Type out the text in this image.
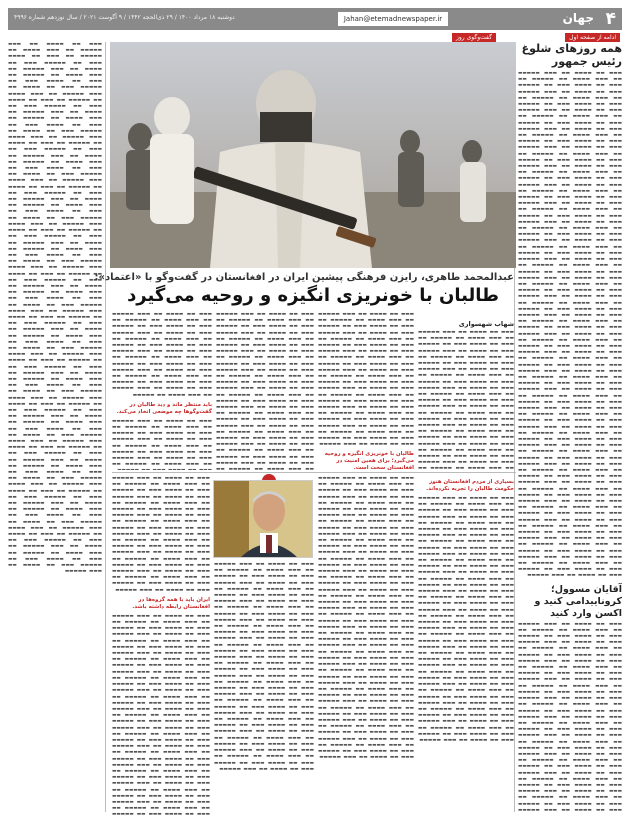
۴
جهان
Jahan@etemadnewspaper.ir
دوشنبه ۱۸ مرداد ۱۴۰۰ / ۲۹ ذی‌الحجه ۱۴۴۲ / ۹ آگوست ۲۰۲۱ / سال نوزدهم شماره ۴۹۹۶
ادامه از صفحه اول
گفت‌وگوی روز
همه روزهای شلوغ رئیس جمهور
▬▬▬ ▬▬ ▬▬▬▬ ▬▬ ▬▬▬ ▬▬▬▬▬ ▬▬ ▬▬▬ ▬▬▬▬ ▬▬ ▬▬▬▬▬ ▬▬ ▬▬▬ ▬▬ ▬▬▬▬ ▬▬▬ ▬▬ ▬▬▬▬▬ ▬▬▬ ▬▬ ▬▬▬▬ ▬▬ ▬▬▬ ▬▬▬▬▬ ▬▬ ▬▬▬ ▬▬▬▬ ▬▬ ▬▬▬▬▬ ▬▬ ▬▬▬ ▬▬ ▬▬▬▬ ▬▬▬ ▬▬ ▬▬▬▬▬ ▬▬▬ ▬▬ ▬▬▬▬ ▬▬ ▬▬▬ ▬▬▬▬▬ ▬▬ ▬▬▬ ▬▬▬▬ ▬▬ ▬▬▬▬▬ ▬▬ ▬▬▬ ▬▬ ▬▬▬▬ ▬▬▬ ▬▬ ▬▬▬▬▬ ▬▬▬ ▬▬ ▬▬▬▬ ▬▬ ▬▬▬ ▬▬▬▬▬ ▬▬ ▬▬▬ ▬▬▬▬ ▬▬ ▬▬▬▬▬ ▬▬ ▬▬▬ ▬▬ ▬▬▬▬ ▬▬▬ ▬▬ ▬▬▬▬▬ ▬▬▬ ▬▬ ▬▬▬▬ ▬▬ ▬▬▬ ▬▬▬▬▬ ▬▬ ▬▬▬ ▬▬▬▬ ▬▬ ▬▬▬▬▬ ▬▬ ▬▬▬ ▬▬ ▬▬▬▬ ▬▬▬ ▬▬ ▬▬▬▬▬ ▬▬▬ ▬▬ ▬▬▬▬ ▬▬ ▬▬▬ ▬▬▬▬▬ ▬▬ ▬▬▬ ▬▬▬▬ ▬▬ ▬▬▬▬▬ ▬▬ ▬▬▬ ▬▬ ▬▬▬▬ ▬▬▬ ▬▬ ▬▬▬▬▬ ▬▬▬ ▬▬ ▬▬▬▬ ▬▬ ▬▬▬ ▬▬▬▬▬ ▬▬ ▬▬▬ ▬▬▬▬ ▬▬ ▬▬▬▬▬ ▬▬ ▬▬▬ ▬▬ ▬▬▬▬ ▬▬▬ ▬▬ ▬▬▬▬▬ ▬▬▬ ▬▬ ▬▬▬▬ ▬▬ ▬▬▬ ▬▬▬▬▬ ▬▬ ▬▬▬ ▬▬▬▬ ▬▬ ▬▬▬▬▬ ▬▬ ▬▬▬ ▬▬ ▬▬▬▬ ▬▬▬ ▬▬ ▬▬▬▬▬ ▬▬▬ ▬▬ ▬▬▬▬ ▬▬ ▬▬▬ ▬▬▬▬▬ ▬▬ ▬▬▬ ▬▬▬▬ ▬▬ ▬▬▬▬▬ ▬▬ ▬▬▬ ▬▬ ▬▬▬▬ ▬▬▬ ▬▬ ▬▬▬▬▬ ▬▬▬ ▬▬ ▬▬▬▬ ▬▬ ▬▬▬ ▬▬▬▬▬ ▬▬ ▬▬▬ ▬▬▬▬ ▬▬ ▬▬▬▬▬ ▬▬ ▬▬▬ ▬▬ ▬▬▬▬ ▬▬▬ ▬▬ ▬▬▬▬▬ ▬▬▬ ▬▬ ▬▬▬▬ ▬▬ ▬▬▬ ▬▬▬▬▬ ▬▬ ▬▬▬ ▬▬▬▬ ▬▬ ▬▬▬▬▬ ▬▬ ▬▬▬ ▬▬ ▬▬▬▬ ▬▬▬ ▬▬ ▬▬▬▬▬ ▬▬▬ ▬▬ ▬▬▬▬ ▬▬ ▬▬▬ ▬▬▬▬▬ ▬▬ ▬▬▬ ▬▬▬▬ ▬▬ ▬▬▬▬▬ ▬▬ ▬▬▬ ▬▬ ▬▬▬▬ ▬▬▬ ▬▬ ▬▬▬▬▬ ▬▬▬ ▬▬ ▬▬▬▬ ▬▬ ▬▬▬ ▬▬▬▬▬ ▬▬ ▬▬▬ ▬▬▬▬ ▬▬ ▬▬▬▬▬ ▬▬ ▬▬▬ ▬▬ ▬▬▬▬ ▬▬▬ ▬▬ ▬▬▬▬▬ ▬▬▬ ▬▬ ▬▬▬▬ ▬▬ ▬▬▬ ▬▬▬▬▬ ▬▬ ▬▬▬ ▬▬▬▬ ▬▬ ▬▬▬▬▬ ▬▬ ▬▬▬ ▬▬ ▬▬▬▬ ▬▬▬ ▬▬ ▬▬▬▬▬ ▬▬▬ ▬▬ ▬▬▬▬ ▬▬ ▬▬▬ ▬▬▬▬▬ ▬▬ ▬▬▬ ▬▬▬▬ ▬▬ ▬▬▬▬▬ ▬▬ ▬▬▬ ▬▬ ▬▬▬▬ ▬▬▬ ▬▬ ▬▬▬▬▬ ▬▬▬ ▬▬ ▬▬▬▬ ▬▬ ▬▬▬ ▬▬▬▬▬ ▬▬ ▬▬▬ ▬▬▬▬ ▬▬ ▬▬▬▬▬ ▬▬ ▬▬▬ ▬▬ ▬▬▬▬ ▬▬▬ ▬▬ ▬▬▬▬▬ ▬▬▬ ▬▬ ▬▬▬▬ ▬▬ ▬▬▬ ▬▬▬▬▬ ▬▬ ▬▬▬ ▬▬▬▬ ▬▬ ▬▬▬▬▬ ▬▬ ▬▬▬ ▬▬ ▬▬▬▬ ▬▬▬ ▬▬ ▬▬▬▬▬ ▬▬▬ ▬▬ ▬▬▬▬ ▬▬ ▬▬▬ ▬▬▬▬▬ ▬▬ ▬▬▬ ▬▬▬▬ ▬▬ ▬▬▬▬▬ ▬▬ ▬▬▬ ▬▬ ▬▬▬▬ ▬▬▬ ▬▬ ▬▬▬▬▬ ▬▬▬ ▬▬ ▬▬▬▬ ▬▬ ▬▬▬ ▬▬▬▬▬ ▬▬ ▬▬▬ ▬▬▬▬ ▬▬ ▬▬▬▬▬ ▬▬ ▬▬▬ ▬▬ ▬▬▬▬ ▬▬▬ ▬▬ ▬▬▬▬▬ ▬▬▬ ▬▬ ▬▬▬▬ ▬▬ ▬▬▬ ▬▬▬▬▬ ▬▬ ▬▬▬ ▬▬▬▬ ▬▬ ▬▬▬▬▬ ▬▬ ▬▬▬ ▬▬ ▬▬▬▬ ▬▬▬ ▬▬ ▬▬▬▬▬ ▬▬▬ ▬▬ ▬▬▬▬ ▬▬ ▬▬▬ ▬▬▬▬▬ ▬▬ ▬▬▬ ▬▬▬▬ ▬▬ ▬▬▬▬▬ ▬▬ ▬▬▬ ▬▬ ▬▬▬▬ ▬▬▬ ▬▬ ▬▬▬▬▬ ▬▬▬ ▬▬ ▬▬▬▬ ▬▬ ▬▬▬ ▬▬▬▬▬ ▬▬ ▬▬▬ ▬▬▬▬ ▬▬ ▬▬▬▬▬ ▬▬ ▬▬▬ ▬▬ ▬▬▬▬ ▬▬▬ ▬▬ ▬▬▬▬▬ ▬▬▬ ▬▬ ▬▬▬▬ ▬▬ ▬▬▬ ▬▬▬▬▬ ▬▬ ▬▬▬ ▬▬▬▬ ▬▬ ▬▬▬▬▬ ▬▬ ▬▬▬ ▬▬ ▬▬▬▬ ▬▬▬ ▬▬ ▬▬▬▬▬ ▬▬▬ ▬▬ ▬▬▬▬ ▬▬ ▬▬▬ ▬▬▬▬▬ ▬▬ ▬▬▬ ▬▬▬▬ ▬▬ ▬▬▬▬▬ ▬▬ ▬▬▬ ▬▬ ▬▬▬▬ ▬▬▬ ▬▬ ▬▬▬▬▬ ▬▬▬ ▬▬ ▬▬▬▬ ▬▬ ▬▬▬ ▬▬▬▬▬ ▬▬ ▬▬▬ ▬▬▬▬ ▬▬ ▬▬▬▬▬ ▬▬ ▬▬▬ ▬▬ ▬▬▬▬ ▬▬▬ ▬▬ ▬▬▬▬▬ ▬▬▬ ▬▬ ▬▬▬▬ ▬▬ ▬▬▬ ▬▬▬▬▬ ▬▬ ▬▬▬ ▬▬▬▬ ▬▬ ▬▬▬▬▬ ▬▬ ▬▬▬ ▬▬ ▬▬▬▬ ▬▬▬ ▬▬ ▬▬▬▬▬ ▬▬▬ ▬▬ ▬▬▬▬ ▬▬ ▬▬▬ ▬▬▬▬▬ ▬▬ ▬▬▬ ▬▬▬▬ ▬▬ ▬▬▬▬▬ ▬▬ ▬▬▬ ▬▬ ▬▬▬▬ ▬▬▬ ▬▬ ▬▬▬▬▬ ▬▬▬ ▬▬ ▬▬▬▬ ▬▬ ▬▬▬ ▬▬▬▬▬
آقایان مسوول؛ کروناییدامی کنید و اکسن وارد کنید
▬▬▬ ▬▬ ▬▬▬▬ ▬▬ ▬▬▬ ▬▬▬▬▬ ▬▬ ▬▬▬ ▬▬▬▬ ▬▬ ▬▬▬▬▬ ▬▬ ▬▬▬ ▬▬ ▬▬▬▬ ▬▬▬ ▬▬ ▬▬▬▬▬ ▬▬▬ ▬▬ ▬▬▬▬ ▬▬ ▬▬▬ ▬▬▬▬▬ ▬▬ ▬▬▬ ▬▬▬▬ ▬▬ ▬▬▬▬▬ ▬▬ ▬▬▬ ▬▬ ▬▬▬▬ ▬▬▬ ▬▬ ▬▬▬▬▬ ▬▬▬ ▬▬ ▬▬▬▬ ▬▬ ▬▬▬ ▬▬▬▬▬ ▬▬ ▬▬▬ ▬▬▬▬ ▬▬ ▬▬▬▬▬ ▬▬ ▬▬▬ ▬▬ ▬▬▬▬ ▬▬▬ ▬▬ ▬▬▬▬▬ ▬▬▬ ▬▬ ▬▬▬▬ ▬▬ ▬▬▬ ▬▬▬▬▬ ▬▬ ▬▬▬ ▬▬▬▬ ▬▬ ▬▬▬▬▬ ▬▬ ▬▬▬ ▬▬ ▬▬▬▬ ▬▬▬ ▬▬ ▬▬▬▬▬ ▬▬▬ ▬▬ ▬▬▬▬ ▬▬ ▬▬▬ ▬▬▬▬▬ ▬▬ ▬▬▬ ▬▬▬▬ ▬▬ ▬▬▬▬▬ ▬▬ ▬▬▬ ▬▬ ▬▬▬▬ ▬▬▬ ▬▬ ▬▬▬▬▬ ▬▬▬ ▬▬ ▬▬▬▬ ▬▬ ▬▬▬ ▬▬▬▬▬ ▬▬ ▬▬▬ ▬▬▬▬ ▬▬ ▬▬▬▬▬ ▬▬ ▬▬▬ ▬▬ ▬▬▬▬ ▬▬▬ ▬▬ ▬▬▬▬▬ ▬▬▬ ▬▬ ▬▬▬▬ ▬▬ ▬▬▬ ▬▬▬▬▬ ▬▬ ▬▬▬ ▬▬▬▬ ▬▬ ▬▬▬▬▬ ▬▬ ▬▬▬ ▬▬ ▬▬▬▬ ▬▬▬ ▬▬ ▬▬▬▬▬ ▬▬▬ ▬▬ ▬▬▬▬ ▬▬ ▬▬▬ ▬▬▬▬▬ ▬▬ ▬▬▬ ▬▬▬▬ ▬▬ ▬▬▬▬▬ ▬▬ ▬▬▬ ▬▬ ▬▬▬▬ ▬▬▬ ▬▬ ▬▬▬▬▬ ▬▬▬ ▬▬ ▬▬▬▬ ▬▬ ▬▬▬ ▬▬▬▬▬ ▬▬ ▬▬▬ ▬▬▬▬ ▬▬ ▬▬▬▬▬ ▬▬ ▬▬▬ ▬▬ ▬▬▬▬ ▬▬▬ ▬▬ ▬▬▬▬▬ ▬▬▬ ▬▬ ▬▬▬▬ ▬▬ ▬▬▬ ▬▬▬▬▬ ▬▬ ▬▬▬ ▬▬▬▬ ▬▬ ▬▬▬▬▬ ▬▬ ▬▬▬ ▬▬ ▬▬▬▬ ▬▬▬ ▬▬ ▬▬▬▬▬ ▬▬▬ ▬▬ ▬▬▬▬ ▬▬ ▬▬▬ ▬▬▬▬▬
▬▬▬ ▬▬ ▬▬▬▬ ▬▬ ▬▬▬ ▬▬▬▬▬ ▬▬ ▬▬▬ ▬▬▬▬ ▬▬ ▬▬▬▬▬ ▬▬ ▬▬▬ ▬▬ ▬▬▬▬ ▬▬▬ ▬▬ ▬▬▬▬▬ ▬▬▬ ▬▬ ▬▬▬▬ ▬▬ ▬▬▬ ▬▬▬▬▬ ▬▬ ▬▬▬ ▬▬▬▬ ▬▬ ▬▬▬▬▬ ▬▬ ▬▬▬ ▬▬ ▬▬▬▬ ▬▬▬ ▬▬ ▬▬▬▬▬ ▬▬▬ ▬▬ ▬▬▬▬ ▬▬ ▬▬▬ ▬▬▬▬▬ ▬▬ ▬▬▬ ▬▬▬▬ ▬▬ ▬▬▬▬▬ ▬▬ ▬▬▬ ▬▬ ▬▬▬▬ ▬▬▬ ▬▬ ▬▬▬▬▬ ▬▬▬ ▬▬ ▬▬▬▬ ▬▬ ▬▬▬ ▬▬▬▬▬ ▬▬ ▬▬▬ ▬▬▬▬ ▬▬ ▬▬▬▬▬ ▬▬ ▬▬▬ ▬▬ ▬▬▬▬ ▬▬▬ ▬▬ ▬▬▬▬▬ ▬▬▬ ▬▬ ▬▬▬▬ ▬▬ ▬▬▬ ▬▬▬▬▬ ▬▬ ▬▬▬ ▬▬▬▬ ▬▬ ▬▬▬▬▬ ▬▬ ▬▬▬ ▬▬ ▬▬▬▬ ▬▬▬ ▬▬ ▬▬▬▬▬ ▬▬▬ ▬▬ ▬▬▬▬ ▬▬ ▬▬▬ ▬▬▬▬▬ ▬▬ ▬▬▬ ▬▬▬▬ ▬▬ ▬▬▬▬▬ ▬▬ ▬▬▬ ▬▬ ▬▬▬▬ ▬▬▬ ▬▬ ▬▬▬▬▬ ▬▬▬ ▬▬ ▬▬▬▬ ▬▬ ▬▬▬ ▬▬▬▬▬ ▬▬ ▬▬▬ ▬▬▬▬ ▬▬ ▬▬▬▬▬ ▬▬ ▬▬▬ ▬▬ ▬▬▬▬ ▬▬▬ ▬▬ ▬▬▬▬▬ ▬▬▬ ▬▬ ▬▬▬▬ ▬▬ ▬▬▬ ▬▬▬▬▬ ▬▬ ▬▬▬ ▬▬▬▬ ▬▬ ▬▬▬▬▬ ▬▬ ▬▬▬ ▬▬ ▬▬▬▬ ▬▬▬ ▬▬ ▬▬▬▬▬ ▬▬▬ ▬▬ ▬▬▬▬ ▬▬ ▬▬▬ ▬▬▬▬▬ ▬▬ ▬▬▬ ▬▬▬▬ ▬▬ ▬▬▬▬▬ ▬▬ ▬▬▬ ▬▬ ▬▬▬▬ ▬▬▬ ▬▬ ▬▬▬▬▬ ▬▬▬ ▬▬ ▬▬▬▬ ▬▬ ▬▬▬ ▬▬▬▬▬ ▬▬ ▬▬▬ ▬▬▬▬ ▬▬ ▬▬▬▬▬ ▬▬ ▬▬▬ ▬▬ ▬▬▬▬ ▬▬▬ ▬▬ ▬▬▬▬▬ ▬▬▬ ▬▬ ▬▬▬▬ ▬▬ ▬▬▬ ▬▬▬▬▬ ▬▬ ▬▬▬ ▬▬▬▬ ▬▬ ▬▬▬▬▬ ▬▬ ▬▬▬ ▬▬ ▬▬▬▬ ▬▬▬ ▬▬ ▬▬▬▬▬ ▬▬▬ ▬▬ ▬▬▬▬ ▬▬ ▬▬▬ ▬▬▬▬▬ ▬▬ ▬▬▬ ▬▬▬▬ ▬▬ ▬▬▬▬▬ ▬▬ ▬▬▬ ▬▬ ▬▬▬▬ ▬▬▬ ▬▬ ▬▬▬▬▬ ▬▬▬ ▬▬ ▬▬▬▬ ▬▬ ▬▬▬ ▬▬▬▬▬ ▬▬ ▬▬▬ ▬▬▬▬ ▬▬ ▬▬▬▬▬ ▬▬ ▬▬▬ ▬▬ ▬▬▬▬ ▬▬▬ ▬▬ ▬▬▬▬▬ ▬▬▬ ▬▬ ▬▬▬▬ ▬▬ ▬▬▬ ▬▬▬▬▬ ▬▬ ▬▬▬ ▬▬▬▬ ▬▬ ▬▬▬▬▬ ▬▬ ▬▬▬ ▬▬ ▬▬▬▬ ▬▬▬ ▬▬ ▬▬▬▬▬ ▬▬▬ ▬▬ ▬▬▬▬ ▬▬ ▬▬▬ ▬▬▬▬▬ ▬▬ ▬▬▬ ▬▬▬▬ ▬▬ ▬▬▬▬▬ ▬▬ ▬▬▬ ▬▬ ▬▬▬▬ ▬▬▬ ▬▬ ▬▬▬▬▬ ▬▬▬ ▬▬ ▬▬▬▬ ▬▬ ▬▬▬ ▬▬▬▬▬ ▬▬ ▬▬▬ ▬▬▬▬ ▬▬ ▬▬▬▬▬ ▬▬ ▬▬▬ ▬▬ ▬▬▬▬ ▬▬▬ ▬▬ ▬▬▬▬▬ ▬▬▬ ▬▬ ▬▬▬▬ ▬▬ ▬▬▬ ▬▬▬▬▬ ▬▬ ▬▬▬ ▬▬▬▬ ▬▬ ▬▬▬▬▬ ▬▬ ▬▬▬ ▬▬ ▬▬▬▬ ▬▬▬ ▬▬ ▬▬▬▬▬ ▬▬▬ ▬▬ ▬▬▬▬ ▬▬ ▬▬▬ ▬▬▬▬▬ ▬▬ ▬▬▬ ▬▬▬▬ ▬▬ ▬▬▬▬▬ ▬▬ ▬▬▬ ▬▬ ▬▬▬▬ ▬▬▬ ▬▬ ▬▬▬▬▬ ▬▬▬ ▬▬ ▬▬▬▬ ▬▬ ▬▬▬ ▬▬▬▬▬ ▬▬ ▬▬▬ ▬▬▬▬ ▬▬ ▬▬▬▬▬ ▬▬ ▬▬▬ ▬▬ ▬▬▬▬ ▬▬▬ ▬▬ ▬▬▬▬▬ ▬▬▬ ▬▬ ▬▬▬▬ ▬▬ ▬▬▬ ▬▬▬▬▬ ▬▬ ▬▬▬ ▬▬▬▬ ▬▬ ▬▬▬▬▬ ▬▬ ▬▬▬ ▬▬ ▬▬▬▬ ▬▬▬ ▬▬ ▬▬▬▬▬ ▬▬▬ ▬▬ ▬▬▬▬ ▬▬ ▬▬▬ ▬▬▬▬▬ ▬▬ ▬▬▬ ▬▬▬▬ ▬▬ ▬▬▬▬▬ ▬▬ ▬▬▬ ▬▬ ▬▬▬▬ ▬▬▬ ▬▬ ▬▬▬▬▬ ▬▬▬ ▬▬ ▬▬▬▬ ▬▬ ▬▬▬ ▬▬▬▬▬ ▬▬ ▬▬▬ ▬▬▬▬ ▬▬ ▬▬▬▬▬ ▬▬ ▬▬▬ ▬▬ ▬▬▬▬ ▬▬▬ ▬▬ ▬▬▬▬▬ ▬▬▬ ▬▬ ▬▬▬▬ ▬▬ ▬▬▬ ▬▬▬▬▬ ▬▬ ▬▬▬ ▬▬▬▬ ▬▬ ▬▬▬▬▬ ▬▬ ▬▬▬ ▬▬ ▬▬▬▬ ▬▬▬ ▬▬ ▬▬▬▬▬ ▬▬▬ ▬▬ ▬▬▬▬ ▬▬ ▬▬▬ ▬▬▬▬▬ ▬▬ ▬▬▬ ▬▬▬▬ ▬▬ ▬▬▬▬▬ ▬▬ ▬▬▬ ▬▬ ▬▬▬▬ ▬▬▬ ▬▬ ▬▬▬▬▬ ▬▬▬ ▬▬ ▬▬▬▬ ▬▬ ▬▬▬ ▬▬▬▬▬
عبدالمحمد طاهری، رایزن فرهنگی پیشین ایران در افغانستان در گفت‌وگو با «اعتماد»:
طالبان با خونریزی انگیزه و روحیه می‌گیرد
شهاب شهسواری
▬▬▬ ▬▬ ▬▬▬▬ ▬▬ ▬▬▬ ▬▬▬▬▬ ▬▬ ▬▬▬ ▬▬▬▬ ▬▬ ▬▬▬▬▬ ▬▬ ▬▬▬ ▬▬ ▬▬▬▬ ▬▬▬ ▬▬ ▬▬▬▬▬ ▬▬▬ ▬▬ ▬▬▬▬ ▬▬ ▬▬▬ ▬▬▬▬▬ ▬▬ ▬▬▬ ▬▬▬▬ ▬▬ ▬▬▬▬▬ ▬▬ ▬▬▬ ▬▬ ▬▬▬▬ ▬▬▬ ▬▬ ▬▬▬▬▬ ▬▬▬ ▬▬ ▬▬▬▬ ▬▬ ▬▬▬ ▬▬▬▬▬ ▬▬ ▬▬▬ ▬▬▬▬ ▬▬ ▬▬▬▬▬ ▬▬ ▬▬▬ ▬▬ ▬▬▬▬ ▬▬▬ ▬▬ ▬▬▬▬▬ ▬▬▬ ▬▬ ▬▬▬▬ ▬▬ ▬▬▬ ▬▬▬▬▬ ▬▬ ▬▬▬ ▬▬▬▬ ▬▬ ▬▬▬▬▬ ▬▬ ▬▬▬ ▬▬ ▬▬▬▬ ▬▬▬ ▬▬ ▬▬▬▬▬ ▬▬▬ ▬▬ ▬▬▬▬ ▬▬ ▬▬▬ ▬▬▬▬▬ ▬▬ ▬▬▬ ▬▬▬▬ ▬▬ ▬▬▬▬▬ ▬▬ ▬▬▬ ▬▬ ▬▬▬▬ ▬▬▬ ▬▬ ▬▬▬▬▬ ▬▬▬ ▬▬ ▬▬▬▬ ▬▬ ▬▬▬ ▬▬▬▬▬ ▬▬ ▬▬▬ ▬▬▬▬ ▬▬ ▬▬▬▬▬ ▬▬ ▬▬▬ ▬▬ ▬▬▬▬ ▬▬▬ ▬▬ ▬▬▬▬▬ ▬▬▬ ▬▬ ▬▬▬▬ ▬▬ ▬▬▬ ▬▬▬▬▬ ▬▬ ▬▬▬ ▬▬▬▬ ▬▬ ▬▬▬▬▬ ▬▬ ▬▬▬ ▬▬ ▬▬▬▬ ▬▬▬ ▬▬ ▬▬▬▬▬ ▬▬▬ ▬▬ ▬▬▬▬ ▬▬ ▬▬▬ ▬▬▬▬▬ ▬▬ ▬▬▬ ▬▬▬▬ ▬▬ ▬▬▬▬▬ ▬▬
▬▬▬ ▬▬ ▬▬▬▬ ▬▬ ▬▬▬ ▬▬▬▬▬ ▬▬ ▬▬▬ ▬▬▬▬ ▬▬ ▬▬▬▬▬ ▬▬ ▬▬▬ ▬▬ ▬▬▬▬ ▬▬▬ ▬▬ ▬▬▬▬▬ ▬▬▬ ▬▬ ▬▬▬▬ ▬▬ ▬▬▬ ▬▬▬▬▬ ▬▬ ▬▬▬ ▬▬▬▬ ▬▬ ▬▬▬▬▬ ▬▬ ▬▬▬ ▬▬ ▬▬▬▬ ▬▬▬ ▬▬ ▬▬▬▬▬ ▬▬▬ ▬▬ ▬▬▬▬ ▬▬ ▬▬▬ ▬▬▬▬▬ ▬▬ ▬▬▬ ▬▬▬▬ ▬▬ ▬▬▬▬▬ ▬▬ ▬▬▬ ▬▬ ▬▬▬▬ ▬▬▬ ▬▬ ▬▬▬▬▬ ▬▬▬ ▬▬ ▬▬▬▬ ▬▬ ▬▬▬ ▬▬▬▬▬ ▬▬ ▬▬▬ ▬▬▬▬ ▬▬ ▬▬▬▬▬ ▬▬ ▬▬▬ ▬▬ ▬▬▬▬ ▬▬▬ ▬▬ ▬▬▬▬▬ ▬▬▬ ▬▬ ▬▬▬▬ ▬▬ ▬▬▬ ▬▬▬▬▬ ▬▬ ▬▬▬ ▬▬▬▬ ▬▬ ▬▬▬▬▬ ▬▬ ▬▬▬ ▬▬ ▬▬▬▬ ▬▬▬ ▬▬ ▬▬▬▬▬ ▬▬▬ ▬▬ ▬▬▬▬ ▬▬ ▬▬▬ ▬▬▬▬▬ ▬▬ ▬▬▬ ▬▬▬▬ ▬▬ ▬▬▬▬▬ ▬▬ ▬▬▬ ▬▬ ▬▬▬▬ ▬▬▬ ▬▬ ▬▬▬▬▬ ▬▬▬ ▬▬ ▬▬▬▬ ▬▬ ▬▬▬ ▬▬▬▬▬ ▬▬ ▬▬▬ ▬▬▬▬ ▬▬ ▬▬▬▬▬ ▬▬ ▬▬▬ ▬▬ ▬▬▬▬ ▬▬▬ ▬▬ ▬▬▬▬▬ ▬▬▬ ▬▬ ▬▬▬▬ ▬▬ ▬▬▬ ▬▬▬▬▬
طالبان با خونریزی انگیزه و روحیه می‌گیرد؛ برای همین امنیت در افغانستان سخت است.
▬▬▬ ▬▬ ▬▬▬▬ ▬▬ ▬▬▬ ▬▬▬▬▬ ▬▬ ▬▬▬ ▬▬▬▬ ▬▬ ▬▬▬▬▬ ▬▬ ▬▬▬ ▬▬ ▬▬▬▬ ▬▬▬ ▬▬ ▬▬▬▬▬ ▬▬▬ ▬▬ ▬▬▬▬ ▬▬ ▬▬▬ ▬▬▬▬▬ ▬▬ ▬▬▬ ▬▬▬▬ ▬▬ ▬▬▬▬▬ ▬▬ ▬▬▬ ▬▬ ▬▬▬▬ ▬▬▬ ▬▬ ▬▬▬▬▬ ▬▬▬ ▬▬ ▬▬▬▬ ▬▬ ▬▬▬ ▬▬▬▬▬ ▬▬ ▬▬▬ ▬▬▬▬ ▬▬ ▬▬▬▬▬ ▬▬ ▬▬▬ ▬▬ ▬▬▬▬ ▬▬▬ ▬▬ ▬▬▬▬▬ ▬▬▬ ▬▬ ▬▬▬▬ ▬▬ ▬▬▬ ▬▬▬▬▬ ▬▬ ▬▬▬ ▬▬▬▬ ▬▬ ▬▬▬▬▬ ▬▬ ▬▬▬ ▬▬ ▬▬▬▬ ▬▬▬ ▬▬ ▬▬▬▬▬ ▬▬▬ ▬▬ ▬▬▬▬ ▬▬ ▬▬▬ ▬▬▬▬▬ ▬▬ ▬▬▬ ▬▬▬▬ ▬▬ ▬▬▬▬▬ ▬▬ ▬▬▬ ▬▬ ▬▬▬▬ ▬▬▬ ▬▬ ▬▬▬▬▬ ▬▬▬ ▬▬ ▬▬▬▬ ▬▬ ▬▬▬ ▬▬▬▬▬ ▬▬ ▬▬▬ ▬▬▬▬ ▬▬ ▬▬▬▬▬ ▬▬ ▬▬▬ ▬▬ ▬▬▬▬ ▬▬▬ ▬▬ ▬▬▬▬▬ ▬▬▬ ▬▬ ▬▬▬▬ ▬▬ ▬▬▬ ▬▬▬▬▬ ▬▬ ▬▬▬ ▬▬▬▬ ▬▬ ▬▬▬▬▬ ▬▬ ▬▬▬ ▬▬ ▬▬▬▬ ▬▬▬ ▬▬ ▬▬▬▬▬ ▬▬▬ ▬▬ ▬▬▬▬ ▬▬ ▬▬▬ ▬▬▬▬▬ ▬▬ ▬▬▬ ▬▬▬▬ ▬▬ ▬▬▬▬▬ ▬▬ ▬▬▬ ▬▬ ▬▬▬▬ ▬▬▬ ▬▬ ▬▬▬▬▬ ▬▬▬ ▬▬ ▬▬▬▬ ▬▬ ▬▬▬ ▬▬▬▬▬ ▬▬ ▬▬▬ ▬▬▬▬ ▬▬ ▬▬▬▬▬ ▬▬
▬▬▬ ▬▬ ▬▬▬▬ ▬▬ ▬▬▬ ▬▬▬▬▬ ▬▬ ▬▬▬ ▬▬▬▬ ▬▬ ▬▬▬▬▬ ▬▬ ▬▬▬ ▬▬ ▬▬▬▬ ▬▬▬ ▬▬ ▬▬▬▬▬ ▬▬▬ ▬▬ ▬▬▬▬ ▬▬ ▬▬▬ ▬▬▬▬▬ ▬▬ ▬▬▬ ▬▬▬▬ ▬▬ ▬▬▬▬▬ ▬▬ ▬▬▬ ▬▬ ▬▬▬▬ ▬▬▬ ▬▬ ▬▬▬▬▬ ▬▬▬ ▬▬ ▬▬▬▬ ▬▬ ▬▬▬ ▬▬▬▬▬ ▬▬ ▬▬▬ ▬▬▬▬ ▬▬ ▬▬▬▬▬ ▬▬ ▬▬▬ ▬▬ ▬▬▬▬ ▬▬▬ ▬▬ ▬▬▬▬▬ ▬▬▬ ▬▬ ▬▬▬▬ ▬▬ ▬▬▬ ▬▬▬▬▬ ▬▬ ▬▬▬ ▬▬▬▬ ▬▬ ▬▬▬▬▬ ▬▬ ▬▬▬ ▬▬ ▬▬▬▬ ▬▬▬ ▬▬ ▬▬▬▬▬ ▬▬▬ ▬▬ ▬▬▬▬ ▬▬ ▬▬▬ ▬▬▬▬▬ ▬▬ ▬▬▬ ▬▬▬▬ ▬▬ ▬▬▬▬▬
باید منتظر ماند و دید طالبان در گفت‌وگوها چه موضعی اتخاذ می‌کند.
▬▬▬ ▬▬ ▬▬▬▬ ▬▬ ▬▬▬ ▬▬▬▬▬ ▬▬ ▬▬▬ ▬▬▬▬ ▬▬ ▬▬▬▬▬ ▬▬ ▬▬▬ ▬▬ ▬▬▬▬ ▬▬▬ ▬▬ ▬▬▬▬▬ ▬▬▬ ▬▬ ▬▬▬▬ ▬▬ ▬▬▬ ▬▬▬▬▬ ▬▬ ▬▬▬ ▬▬▬▬ ▬▬ ▬▬▬▬▬ ▬▬ ▬▬▬ ▬▬ ▬▬▬▬ ▬▬▬ ▬▬ ▬▬▬▬▬ ▬▬▬ ▬▬ ▬▬▬▬ ▬▬ ▬▬▬ ▬▬▬▬▬ ▬▬ ▬▬▬ ▬▬▬▬ ▬▬ ▬▬▬▬▬ ▬▬
بسیاری از مردم افغانستان هنوز حکومت طالبان را تجربه نکرده‌اند.
▬▬▬ ▬▬ ▬▬▬▬ ▬▬ ▬▬▬ ▬▬▬▬▬ ▬▬ ▬▬▬ ▬▬▬▬ ▬▬ ▬▬▬▬▬ ▬▬ ▬▬▬ ▬▬ ▬▬▬▬ ▬▬▬ ▬▬ ▬▬▬▬▬ ▬▬▬ ▬▬ ▬▬▬▬ ▬▬ ▬▬▬ ▬▬▬▬▬ ▬▬ ▬▬▬ ▬▬▬▬ ▬▬ ▬▬▬▬▬ ▬▬ ▬▬▬ ▬▬ ▬▬▬▬ ▬▬▬ ▬▬ ▬▬▬▬▬ ▬▬▬ ▬▬ ▬▬▬▬ ▬▬ ▬▬▬ ▬▬▬▬▬ ▬▬ ▬▬▬ ▬▬▬▬ ▬▬ ▬▬▬▬▬ ▬▬ ▬▬▬ ▬▬ ▬▬▬▬ ▬▬▬ ▬▬ ▬▬▬▬▬ ▬▬▬ ▬▬ ▬▬▬▬ ▬▬ ▬▬▬ ▬▬▬▬▬ ▬▬ ▬▬▬ ▬▬▬▬ ▬▬ ▬▬▬▬▬ ▬▬ ▬▬▬ ▬▬ ▬▬▬▬ ▬▬▬ ▬▬ ▬▬▬▬▬ ▬▬▬ ▬▬ ▬▬▬▬ ▬▬ ▬▬▬ ▬▬▬▬▬ ▬▬ ▬▬▬ ▬▬▬▬ ▬▬ ▬▬▬▬▬ ▬▬ ▬▬▬ ▬▬ ▬▬▬▬ ▬▬▬ ▬▬ ▬▬▬▬▬ ▬▬▬ ▬▬ ▬▬▬▬ ▬▬ ▬▬▬ ▬▬▬▬▬ ▬▬ ▬▬▬ ▬▬▬▬ ▬▬ ▬▬▬▬▬ ▬▬ ▬▬▬ ▬▬ ▬▬▬▬ ▬▬▬ ▬▬ ▬▬▬▬▬ ▬▬▬ ▬▬ ▬▬▬▬ ▬▬ ▬▬▬ ▬▬▬▬▬ ▬▬ ▬▬▬ ▬▬▬▬ ▬▬ ▬▬▬▬▬ ▬▬ ▬▬▬ ▬▬ ▬▬▬▬ ▬▬▬ ▬▬ ▬▬▬▬▬ ▬▬▬ ▬▬ ▬▬▬▬ ▬▬ ▬▬▬ ▬▬▬▬▬ ▬▬ ▬▬▬ ▬▬▬▬ ▬▬ ▬▬▬▬▬ ▬▬ ▬▬▬ ▬▬ ▬▬▬▬ ▬▬▬ ▬▬ ▬▬▬▬▬ ▬▬▬ ▬▬ ▬▬▬▬ ▬▬ ▬▬▬ ▬▬▬▬▬ ▬▬ ▬▬▬ ▬▬▬▬ ▬▬ ▬▬▬▬▬ ▬▬ ▬▬▬ ▬▬ ▬▬▬▬ ▬▬▬ ▬▬ ▬▬▬▬▬ ▬▬▬ ▬▬ ▬▬▬▬ ▬▬ ▬▬▬ ▬▬▬▬▬ ▬▬ ▬▬▬ ▬▬▬▬ ▬▬ ▬▬▬▬▬ ▬▬ ▬▬▬ ▬▬ ▬▬▬▬ ▬▬▬ ▬▬ ▬▬▬▬▬ ▬▬▬ ▬▬ ▬▬▬▬ ▬▬ ▬▬▬ ▬▬▬▬▬ ▬▬ ▬▬▬ ▬▬▬▬ ▬▬ ▬▬▬▬▬ ▬▬ ▬▬▬ ▬▬ ▬▬▬▬ ▬▬▬ ▬▬ ▬▬▬▬▬ ▬▬▬ ▬▬ ▬▬▬▬ ▬▬ ▬▬▬ ▬▬▬▬▬ ▬▬ ▬▬▬ ▬▬▬▬ ▬▬ ▬▬▬▬▬ ▬▬ ▬▬▬ ▬▬ ▬▬▬▬ ▬▬▬ ▬▬ ▬▬▬▬▬ ▬▬▬ ▬▬ ▬▬▬▬ ▬▬ ▬▬▬ ▬▬▬▬▬ ▬▬ ▬▬▬ ▬▬▬▬ ▬▬ ▬▬▬▬▬ ▬▬ ▬▬▬ ▬▬ ▬▬▬▬ ▬▬▬ ▬▬ ▬▬▬▬▬ ▬▬▬ ▬▬ ▬▬▬▬ ▬▬ ▬▬▬ ▬▬▬▬▬
▬▬▬ ▬▬ ▬▬▬▬ ▬▬ ▬▬▬ ▬▬▬▬▬ ▬▬ ▬▬▬ ▬▬▬▬ ▬▬ ▬▬▬▬▬ ▬▬ ▬▬▬ ▬▬ ▬▬▬▬ ▬▬▬ ▬▬ ▬▬▬▬▬ ▬▬▬ ▬▬ ▬▬▬▬ ▬▬ ▬▬▬ ▬▬▬▬▬ ▬▬ ▬▬▬ ▬▬▬▬ ▬▬ ▬▬▬▬▬ ▬▬ ▬▬▬ ▬▬ ▬▬▬▬ ▬▬▬ ▬▬ ▬▬▬▬▬ ▬▬▬ ▬▬ ▬▬▬▬ ▬▬ ▬▬▬ ▬▬▬▬▬ ▬▬ ▬▬▬ ▬▬▬▬ ▬▬ ▬▬▬▬▬ ▬▬ ▬▬▬ ▬▬ ▬▬▬▬ ▬▬▬ ▬▬ ▬▬▬▬▬ ▬▬▬ ▬▬ ▬▬▬▬ ▬▬ ▬▬▬ ▬▬▬▬▬ ▬▬ ▬▬▬ ▬▬▬▬ ▬▬ ▬▬▬▬▬ ▬▬ ▬▬▬ ▬▬ ▬▬▬▬ ▬▬▬ ▬▬ ▬▬▬▬▬ ▬▬▬ ▬▬ ▬▬▬▬ ▬▬ ▬▬▬ ▬▬▬▬▬ ▬▬ ▬▬▬ ▬▬▬▬ ▬▬ ▬▬▬▬▬ ▬▬ ▬▬▬ ▬▬ ▬▬▬▬ ▬▬▬ ▬▬ ▬▬▬▬▬ ▬▬▬ ▬▬ ▬▬▬▬ ▬▬ ▬▬▬ ▬▬▬▬▬ ▬▬ ▬▬▬ ▬▬▬▬ ▬▬ ▬▬▬▬▬ ▬▬ ▬▬▬ ▬▬ ▬▬▬▬ ▬▬▬ ▬▬ ▬▬▬▬▬ ▬▬▬ ▬▬ ▬▬▬▬ ▬▬ ▬▬▬ ▬▬▬▬▬ ▬▬ ▬▬▬ ▬▬▬▬ ▬▬ ▬▬▬▬▬ ▬▬ ▬▬▬ ▬▬ ▬▬▬▬ ▬▬▬ ▬▬ ▬▬▬▬▬ ▬▬▬ ▬▬ ▬▬▬▬ ▬▬ ▬▬▬ ▬▬▬▬▬ ▬▬ ▬▬▬ ▬▬▬▬ ▬▬ ▬▬▬▬▬ ▬▬ ▬▬▬ ▬▬ ▬▬▬▬ ▬▬▬ ▬▬ ▬▬▬▬▬ ▬▬▬ ▬▬ ▬▬▬▬ ▬▬ ▬▬▬ ▬▬▬▬▬ ▬▬ ▬▬▬ ▬▬▬▬ ▬▬ ▬▬▬▬▬ ▬▬ ▬▬▬ ▬▬ ▬▬▬▬ ▬▬▬ ▬▬ ▬▬▬▬▬ ▬▬▬ ▬▬ ▬▬▬▬ ▬▬ ▬▬▬ ▬▬▬▬▬ ▬▬ ▬▬▬ ▬▬▬▬ ▬▬ ▬▬▬▬▬ ▬▬ ▬▬▬ ▬▬ ▬▬▬▬ ▬▬▬ ▬▬ ▬▬▬▬▬ ▬▬▬ ▬▬ ▬▬▬▬ ▬▬ ▬▬▬ ▬▬▬▬▬ ▬▬ ▬▬▬ ▬▬▬▬ ▬▬ ▬▬▬▬▬ ▬▬ ▬▬▬ ▬▬ ▬▬▬▬ ▬▬▬ ▬▬ ▬▬▬▬▬ ▬▬▬ ▬▬ ▬▬▬▬ ▬▬ ▬▬▬ ▬▬▬▬▬ ▬▬ ▬▬▬ ▬▬▬▬ ▬▬ ▬▬▬▬▬ ▬▬ ▬▬▬ ▬▬ ▬▬▬▬ ▬▬▬ ▬▬ ▬▬▬▬▬ ▬▬▬ ▬▬ ▬▬▬▬ ▬▬ ▬▬▬ ▬▬▬▬▬ ▬▬ ▬▬▬ ▬▬▬▬ ▬▬ ▬▬▬▬▬ ▬▬ ▬▬▬ ▬▬ ▬▬▬▬ ▬▬▬ ▬▬ ▬▬▬▬▬ ▬▬▬ ▬▬ ▬▬▬▬ ▬▬ ▬▬▬ ▬▬▬▬▬ ▬▬ ▬▬▬ ▬▬▬▬ ▬▬ ▬▬▬▬▬ ▬▬ ▬▬▬ ▬▬ ▬▬▬▬ ▬▬▬ ▬▬ ▬▬▬▬▬ ▬▬▬ ▬▬ ▬▬▬▬ ▬▬ ▬▬▬ ▬▬▬▬▬ ▬▬ ▬▬▬ ▬▬▬▬ ▬▬ ▬▬▬▬▬ ▬▬ ▬▬▬ ▬▬ ▬▬▬▬ ▬▬▬ ▬▬ ▬▬▬▬▬ ▬▬▬ ▬▬ ▬▬▬▬ ▬▬ ▬▬▬ ▬▬▬▬▬
▬▬▬ ▬▬ ▬▬▬▬ ▬▬ ▬▬▬ ▬▬▬▬▬ ▬▬ ▬▬▬ ▬▬▬▬ ▬▬ ▬▬▬▬▬ ▬▬ ▬▬▬ ▬▬ ▬▬▬▬ ▬▬▬ ▬▬ ▬▬▬▬▬ ▬▬▬ ▬▬ ▬▬▬▬ ▬▬ ▬▬▬ ▬▬▬▬▬ ▬▬ ▬▬▬ ▬▬▬▬ ▬▬ ▬▬▬▬▬ ▬▬ ▬▬▬ ▬▬ ▬▬▬▬ ▬▬▬ ▬▬ ▬▬▬▬▬ ▬▬▬ ▬▬ ▬▬▬▬ ▬▬ ▬▬▬ ▬▬▬▬▬ ▬▬ ▬▬▬ ▬▬▬▬ ▬▬ ▬▬▬▬▬ ▬▬ ▬▬▬ ▬▬ ▬▬▬▬ ▬▬▬ ▬▬ ▬▬▬▬▬ ▬▬▬ ▬▬ ▬▬▬▬ ▬▬ ▬▬▬ ▬▬▬▬▬ ▬▬ ▬▬▬ ▬▬▬▬ ▬▬ ▬▬▬▬▬ ▬▬ ▬▬▬ ▬▬ ▬▬▬▬ ▬▬▬ ▬▬ ▬▬▬▬▬ ▬▬▬ ▬▬ ▬▬▬▬ ▬▬ ▬▬▬ ▬▬▬▬▬ ▬▬ ▬▬▬ ▬▬▬▬ ▬▬ ▬▬▬▬▬ ▬▬ ▬▬▬ ▬▬ ▬▬▬▬ ▬▬▬ ▬▬ ▬▬▬▬▬ ▬▬▬ ▬▬ ▬▬▬▬ ▬▬ ▬▬▬ ▬▬▬▬▬ ▬▬ ▬▬▬ ▬▬▬▬ ▬▬ ▬▬▬▬▬ ▬▬ ▬▬▬ ▬▬ ▬▬▬▬ ▬▬▬ ▬▬ ▬▬▬▬▬ ▬▬▬ ▬▬ ▬▬▬▬ ▬▬ ▬▬▬ ▬▬▬▬▬
ایران باید با همه گروه‌ها در افغانستان رابطه داشته باشد.
▬▬▬ ▬▬ ▬▬▬▬ ▬▬ ▬▬▬ ▬▬▬▬▬ ▬▬ ▬▬▬ ▬▬▬▬ ▬▬ ▬▬▬▬▬ ▬▬ ▬▬▬ ▬▬ ▬▬▬▬ ▬▬▬ ▬▬ ▬▬▬▬▬ ▬▬▬ ▬▬ ▬▬▬▬ ▬▬ ▬▬▬ ▬▬▬▬▬ ▬▬ ▬▬▬ ▬▬▬▬ ▬▬ ▬▬▬▬▬ ▬▬ ▬▬▬ ▬▬ ▬▬▬▬ ▬▬▬ ▬▬ ▬▬▬▬▬ ▬▬▬ ▬▬ ▬▬▬▬ ▬▬ ▬▬▬ ▬▬▬▬▬ ▬▬ ▬▬▬ ▬▬▬▬ ▬▬ ▬▬▬▬▬ ▬▬ ▬▬▬ ▬▬ ▬▬▬▬ ▬▬▬ ▬▬ ▬▬▬▬▬ ▬▬▬ ▬▬ ▬▬▬▬ ▬▬ ▬▬▬ ▬▬▬▬▬ ▬▬ ▬▬▬ ▬▬▬▬ ▬▬ ▬▬▬▬▬ ▬▬ ▬▬▬ ▬▬ ▬▬▬▬ ▬▬▬ ▬▬ ▬▬▬▬▬ ▬▬▬ ▬▬ ▬▬▬▬ ▬▬ ▬▬▬ ▬▬▬▬▬ ▬▬ ▬▬▬ ▬▬▬▬ ▬▬ ▬▬▬▬▬ ▬▬ ▬▬▬ ▬▬ ▬▬▬▬ ▬▬▬ ▬▬ ▬▬▬▬▬ ▬▬▬ ▬▬ ▬▬▬▬ ▬▬ ▬▬▬ ▬▬▬▬▬ ▬▬ ▬▬▬ ▬▬▬▬ ▬▬ ▬▬▬▬▬ ▬▬ ▬▬▬ ▬▬ ▬▬▬▬ ▬▬▬ ▬▬ ▬▬▬▬▬ ▬▬▬ ▬▬ ▬▬▬▬ ▬▬ ▬▬▬ ▬▬▬▬▬ ▬▬ ▬▬▬ ▬▬▬▬ ▬▬ ▬▬▬▬▬ ▬▬ ▬▬▬ ▬▬ ▬▬▬▬ ▬▬▬ ▬▬ ▬▬▬▬▬ ▬▬▬ ▬▬ ▬▬▬▬ ▬▬ ▬▬▬ ▬▬▬▬▬ ▬▬ ▬▬▬ ▬▬▬▬ ▬▬ ▬▬▬▬▬ ▬▬ ▬▬▬ ▬▬ ▬▬▬▬ ▬▬▬ ▬▬ ▬▬▬▬▬ ▬▬▬ ▬▬ ▬▬▬▬ ▬▬ ▬▬▬ ▬▬▬▬▬ ▬▬ ▬▬▬ ▬▬▬▬ ▬▬ ▬▬▬▬▬ ▬▬ ▬▬▬ ▬▬ ▬▬▬▬ ▬▬▬ ▬▬ ▬▬▬▬▬ ▬▬▬ ▬▬ ▬▬▬▬ ▬▬ ▬▬▬ ▬▬▬▬▬ ▬▬ ▬▬▬ ▬▬▬▬ ▬▬ ▬▬▬▬▬ ▬▬ ▬▬▬ ▬▬ ▬▬▬▬ ▬▬▬ ▬▬ ▬▬▬▬▬ ▬▬▬ ▬▬ ▬▬▬▬ ▬▬ ▬▬▬ ▬▬▬▬▬ ▬▬ ▬▬▬ ▬▬▬▬ ▬▬ ▬▬▬▬▬ ▬▬ ▬▬▬ ▬▬ ▬▬▬▬ ▬▬▬ ▬▬ ▬▬▬▬▬
▬▬▬ ▬▬ ▬▬▬▬ ▬▬ ▬▬▬ ▬▬▬▬▬ ▬▬ ▬▬▬ ▬▬▬▬ ▬▬ ▬▬▬▬▬ ▬▬ ▬▬▬ ▬▬ ▬▬▬▬ ▬▬▬ ▬▬ ▬▬▬▬▬ ▬▬▬ ▬▬ ▬▬▬▬ ▬▬ ▬▬▬ ▬▬▬▬▬ ▬▬ ▬▬▬ ▬▬▬▬ ▬▬ ▬▬▬▬▬ ▬▬ ▬▬▬ ▬▬ ▬▬▬▬ ▬▬▬ ▬▬ ▬▬▬▬▬ ▬▬▬ ▬▬ ▬▬▬▬ ▬▬ ▬▬▬ ▬▬▬▬▬ ▬▬ ▬▬▬ ▬▬▬▬ ▬▬ ▬▬▬▬▬ ▬▬ ▬▬▬ ▬▬ ▬▬▬▬ ▬▬▬ ▬▬ ▬▬▬▬▬ ▬▬▬ ▬▬ ▬▬▬▬ ▬▬ ▬▬▬ ▬▬▬▬▬ ▬▬ ▬▬▬ ▬▬▬▬ ▬▬ ▬▬▬▬▬ ▬▬ ▬▬▬ ▬▬ ▬▬▬▬ ▬▬▬ ▬▬ ▬▬▬▬▬ ▬▬▬ ▬▬ ▬▬▬▬ ▬▬ ▬▬▬ ▬▬▬▬▬ ▬▬ ▬▬▬ ▬▬▬▬ ▬▬ ▬▬▬▬▬ ▬▬ ▬▬▬ ▬▬ ▬▬▬▬ ▬▬▬ ▬▬ ▬▬▬▬▬ ▬▬▬ ▬▬ ▬▬▬▬ ▬▬ ▬▬▬ ▬▬▬▬▬ ▬▬ ▬▬▬ ▬▬▬▬ ▬▬ ▬▬▬▬▬ ▬▬ ▬▬▬ ▬▬ ▬▬▬▬ ▬▬▬ ▬▬ ▬▬▬▬▬ ▬▬▬ ▬▬ ▬▬▬▬ ▬▬ ▬▬▬ ▬▬▬▬▬ ▬▬ ▬▬▬ ▬▬▬▬ ▬▬ ▬▬▬▬▬ ▬▬ ▬▬▬ ▬▬ ▬▬▬▬ ▬▬▬ ▬▬ ▬▬▬▬▬ ▬▬▬ ▬▬ ▬▬▬▬ ▬▬ ▬▬▬ ▬▬▬▬▬ ▬▬ ▬▬▬ ▬▬▬▬ ▬▬ ▬▬▬▬▬ ▬▬ ▬▬▬ ▬▬ ▬▬▬▬ ▬▬▬ ▬▬ ▬▬▬▬▬ ▬▬▬ ▬▬ ▬▬▬▬ ▬▬ ▬▬▬ ▬▬▬▬▬ ▬▬ ▬▬▬ ▬▬▬▬ ▬▬ ▬▬▬▬▬ ▬▬ ▬▬▬ ▬▬ ▬▬▬▬ ▬▬▬ ▬▬ ▬▬▬▬▬ ▬▬▬ ▬▬ ▬▬▬▬ ▬▬ ▬▬▬ ▬▬▬▬▬ ▬▬ ▬▬▬ ▬▬▬▬ ▬▬ ▬▬▬▬▬ ▬▬ ▬▬▬ ▬▬ ▬▬▬▬ ▬▬▬ ▬▬ ▬▬▬▬▬ ▬▬▬ ▬▬ ▬▬▬▬ ▬▬ ▬▬▬ ▬▬▬▬▬ ▬▬ ▬▬▬ ▬▬▬▬ ▬▬ ▬▬▬▬▬ ▬▬ ▬▬▬ ▬▬ ▬▬▬▬ ▬▬▬ ▬▬ ▬▬▬▬▬ ▬▬▬ ▬▬ ▬▬▬▬ ▬▬ ▬▬▬ ▬▬▬▬▬
